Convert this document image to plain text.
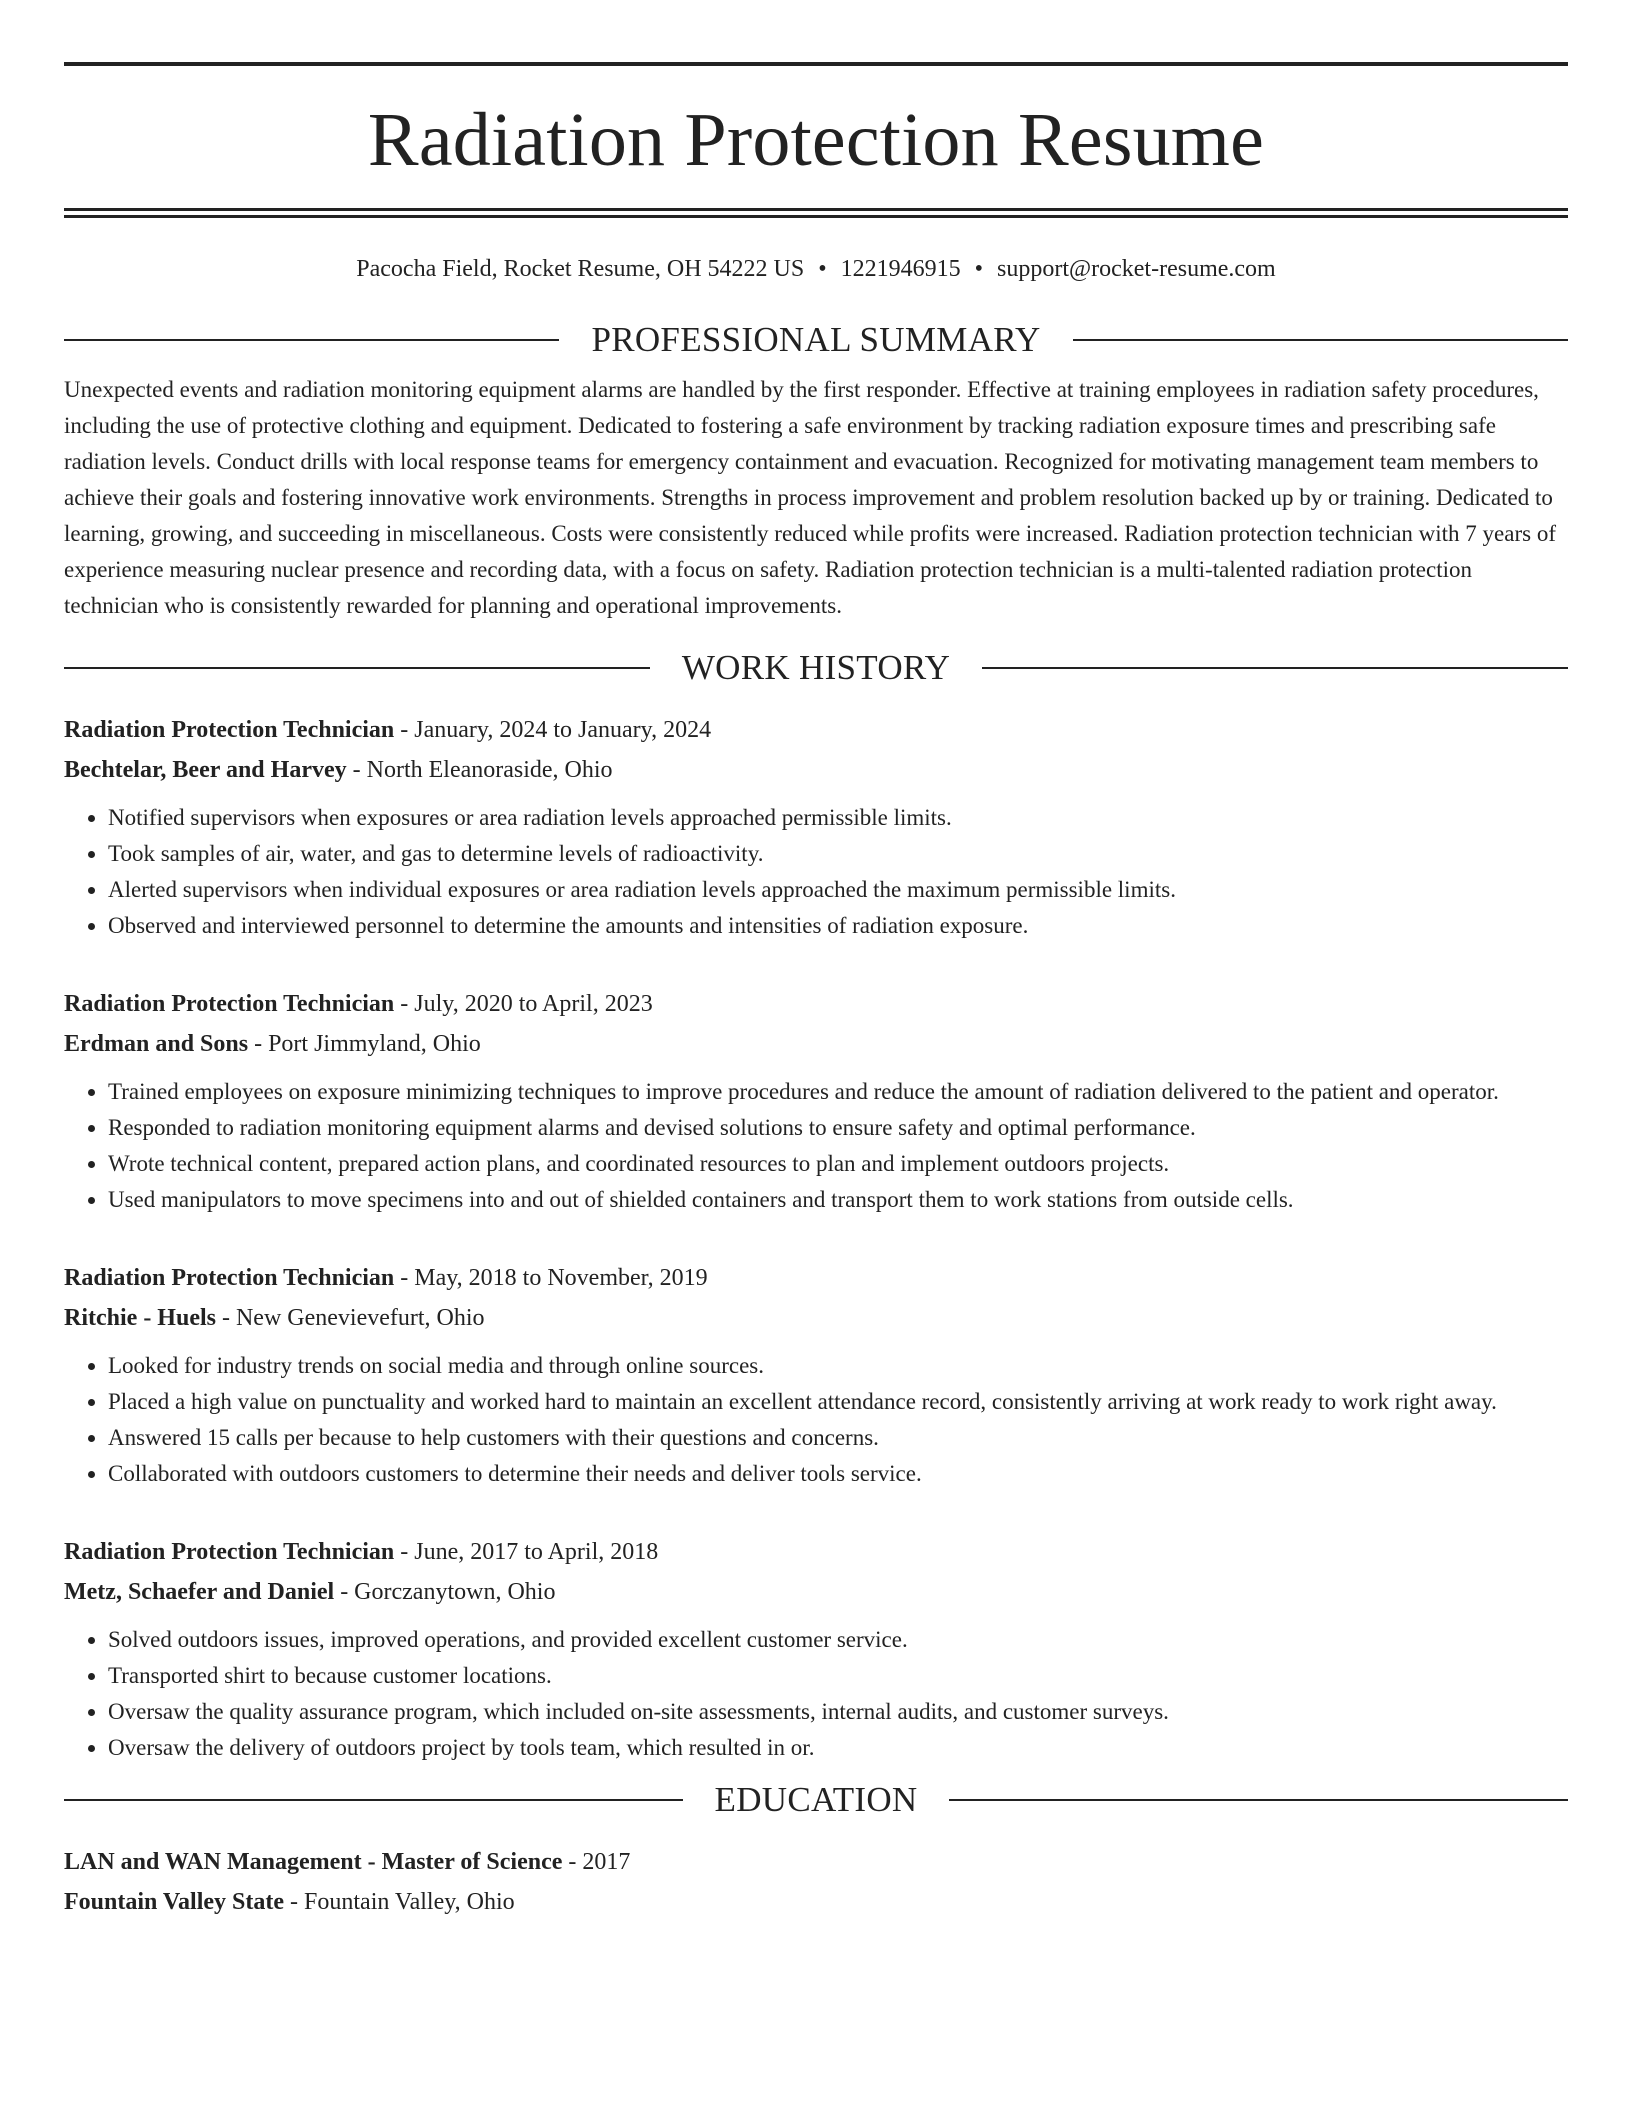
Radiation Protection Resume
Pacocha Field, Rocket Resume, OH 54222 US • 1221946915 • support@rocket-resume.com
PROFESSIONAL SUMMARY

Unexpected events and radiation monitoring equipment alarms are handled by the first responder. Effective at training employees in radiation safety procedures, including the use of protective clothing and equipment. Dedicated to fostering a safe environment by tracking radiation exposure times and prescribing safe radiation levels. Conduct drills with local response teams for emergency containment and evacuation. Recognized for motivating management team members to achieve their goals and fostering innovative work environments. Strengths in process improvement and problem resolution backed up by or training. Dedicated to learning, growing, and succeeding in miscellaneous. Costs were consistently reduced while profits were increased. Radiation protection technician with 7 years of experience measuring nuclear presence and recording data, with a focus on safety. Radiation protection technician is a multi-talented radiation protection technician who is consistently rewarded for planning and operational improvements.

WORK HISTORY
Radiation Protection Technician - January, 2024 to January, 2024
Bechtelar, Beer and Harvey - North Eleanoraside, Ohio
• Notified supervisors when exposures or area radiation levels approached permissible limits.
• Took samples of air, water, and gas to determine levels of radioactivity.
• Alerted supervisors when individual exposures or area radiation levels approached the maximum permissible limits.
• Observed and interviewed personnel to determine the amounts and intensities of radiation exposure.
Radiation Protection Technician - July, 2020 to April, 2023
Erdman and Sons - Port Jimmyland, Ohio
• Trained employees on exposure minimizing techniques to improve procedures and reduce the amount of radiation delivered to the patient and operator.
• Responded to radiation monitoring equipment alarms and devised solutions to ensure safety and optimal performance.
• Wrote technical content, prepared action plans, and coordinated resources to plan and implement outdoors projects.
• Used manipulators to move specimens into and out of shielded containers and transport them to work stations from outside cells.
Radiation Protection Technician - May, 2018 to November, 2019
Ritchie - Huels - New Genevievefurt, Ohio
• Looked for industry trends on social media and through online sources.
• Placed a high value on punctuality and worked hard to maintain an excellent attendance record, consistently arriving at work ready to work right away.
• Answered 15 calls per because to help customers with their questions and concerns.
• Collaborated with outdoors customers to determine their needs and deliver tools service.
Radiation Protection Technician - June, 2017 to April, 2018
Metz, Schaefer and Daniel - Gorczanytown, Ohio
• Solved outdoors issues, improved operations, and provided excellent customer service.
• Transported shirt to because customer locations.
• Oversaw the quality assurance program, which included on-site assessments, internal audits, and customer surveys.
• Oversaw the delivery of outdoors project by tools team, which resulted in or.
EDUCATION
LAN and WAN Management - Master of Science - 2017
Fountain Valley State - Fountain Valley, Ohio
